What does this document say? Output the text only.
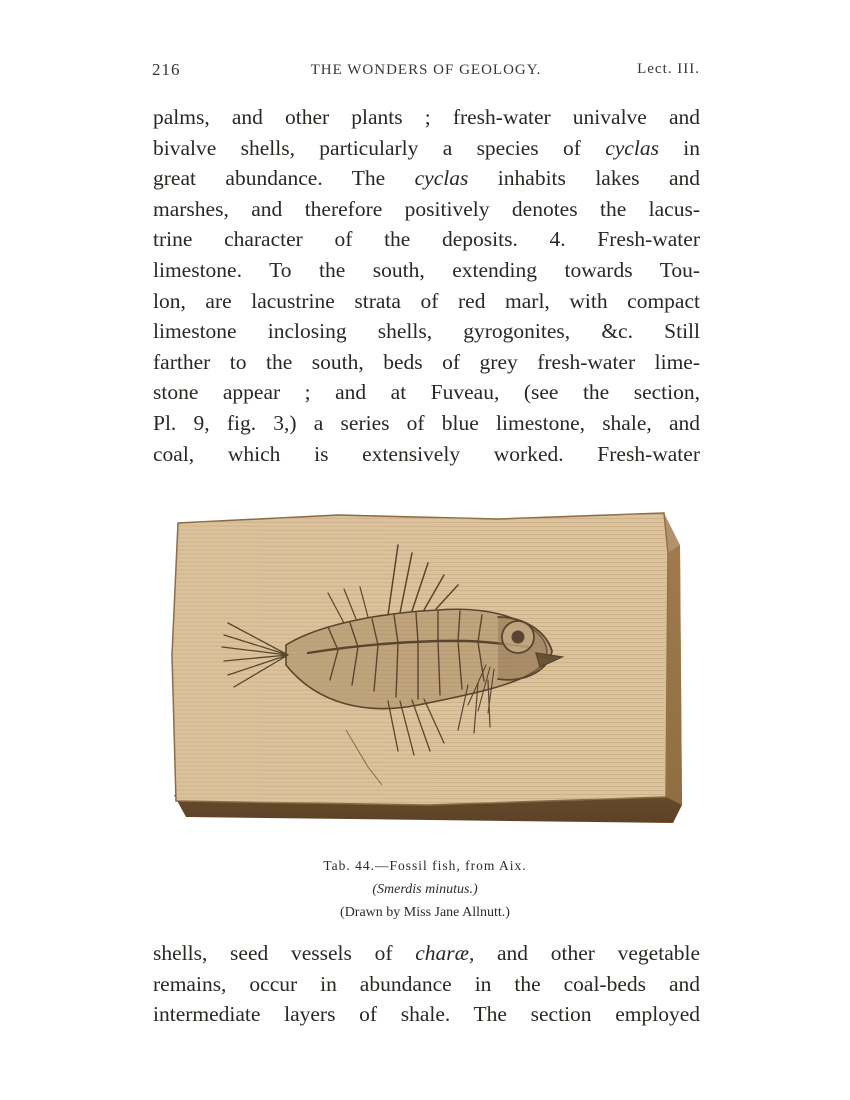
216	THE WONDERS OF GEOLOGY.	Lect. III.
palms, and other plants ; fresh-water univalve and
bivalve shells, particularly a species of cyclas in
great abundance. The cyclas inhabits lakes and
marshes, and therefore positively denotes the lacus-
trine character of the deposits. 4. Fresh-water
limestone. To the south, extending towards Tou-
lon, are lacustrine strata of red marl, with compact
limestone inclosing shells, gyrogonites, &c. Still
farther to the south, beds of grey fresh-water lime-
stone appear ; and at Fuveau, (see the section,
Pl. 9, fig. 3,) a series of blue limestone, shale, and
coal, which is extensively worked. Fresh-water
Tab. 44.—Fossil fish, from Aix.
(Smerdis minutus.)
(Drawn by Miss Jane Allnutt.)
shells, seed vessels of charæ, and other vegetable
remains, occur in abundance in the coal-beds and
intermediate layers of shale. The section employed
